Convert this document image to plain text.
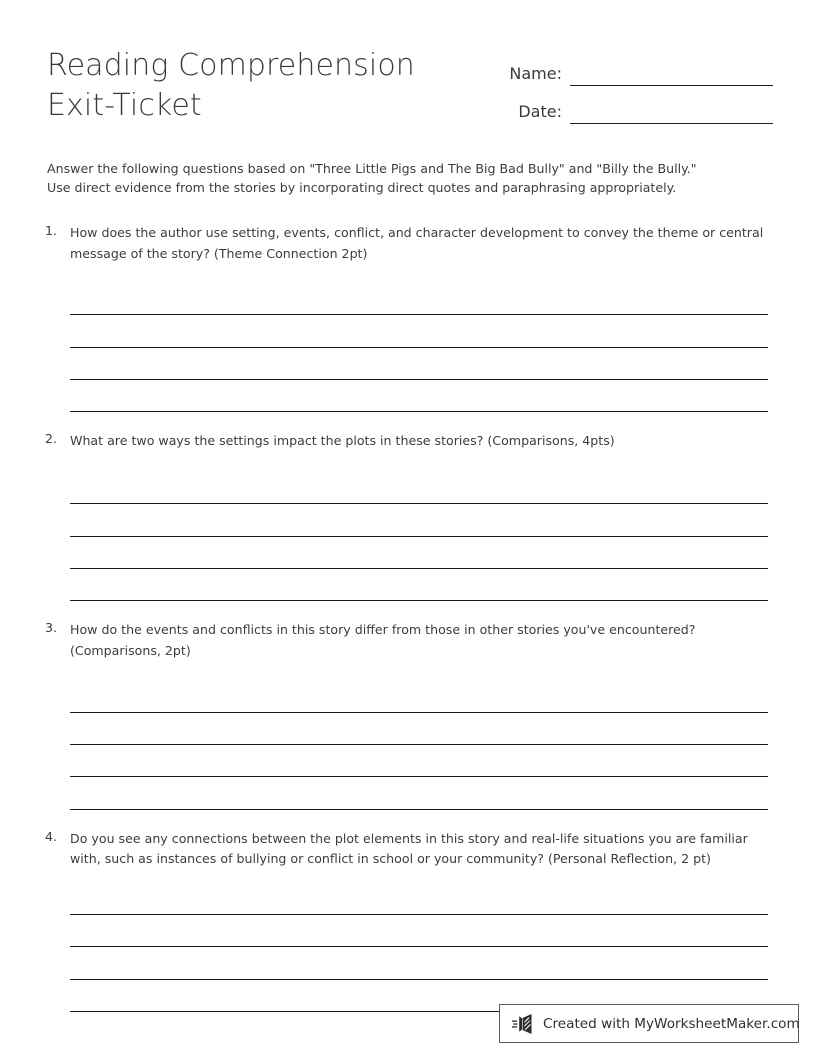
Reading Comprehension
Exit-Ticket
Name:
Date:
Answer the following questions based on "Three Little Pigs and The Big Bad Bully" and "Billy the Bully."
Use direct evidence from the stories by incorporating direct quotes and paraphrasing appropriately.
1.	How does the author use setting, events, conflict, and character development to convey the theme or central message of the story? (Theme Connection 2pt)
2.	What are two ways the settings impact the plots in these stories? (Comparisons, 4pts)
3.	How do the events and conflicts in this story differ from those in other stories you've encountered? (Comparisons, 2pt)
4.	Do you see any connections between the plot elements in this story and real-life situations you are familiar with, such as instances of bullying or conflict in school or your community? (Personal Reflection, 2 pt)
Created with MyWorksheetMaker.com
